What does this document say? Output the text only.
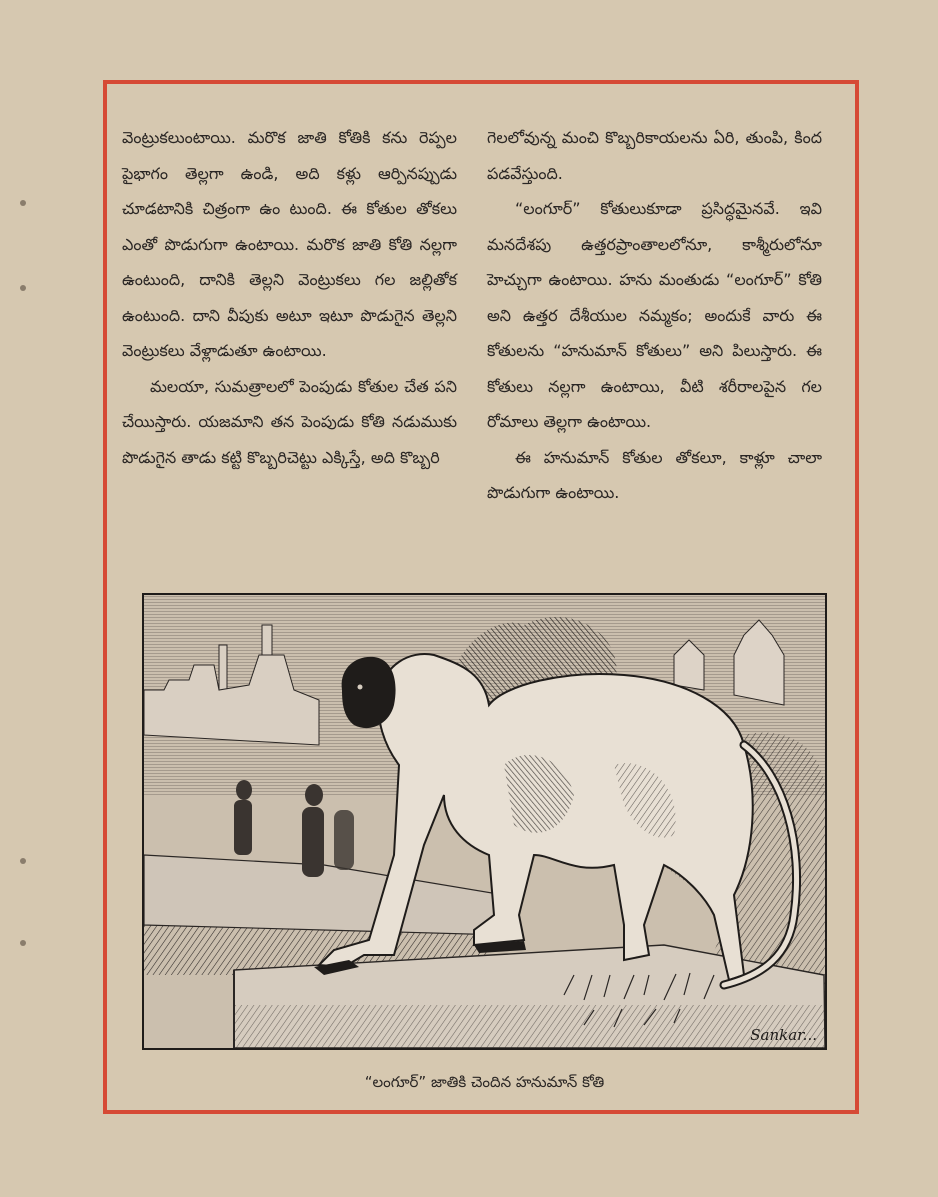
వెంట్రుకలుంటాయి. మరొక జాతి కోతికి కను రెప్పల పైభాగం తెల్లగా ఉండి, అది కళ్లు ఆర్పినప్పుడు చూడటానికి చిత్రంగా ఉం టుంది. ఈ కోతుల తోకలు ఎంతో పొడుగుగా ఉంటాయి. మరొక జాతి కోతి నల్లగా ఉంటుంది, దానికి తెల్లని వెంట్రుకలు గల జల్లితోక ఉంటుంది. దాని వీపుకు అటూ ఇటూ పొడుగైన తెల్లని వెంట్రుకలు వేళ్లాడుతూ ఉంటాయి.

మలయా, సుమత్రాలలో పెంపుడు కోతుల చేత పని చేయిస్తారు. యజమాని తన పెంపుడు కోతి నడుముకు పొడుగైన తాడు కట్టి కొబ్బరిచెట్టు ఎక్కిస్తే, అది కొబ్బరి

గెలలోవున్న మంచి కొబ్బరికాయలను ఏరి, తుంపి, కింద పడవేస్తుంది.

“లంగూర్” కోతులుకూడా ప్రసిద్ధమైనవే. ఇవి మనదేశపు ఉత్తరప్రాంతాలలోనూ, కాశ్మీరులోనూ హెచ్చుగా ఉంటాయి. హను మంతుడు “లంగూర్” కోతి అని ఉత్తర దేశీయుల నమ్మకం; అందుకే వారు ఈ కోతులను “హనుమాన్ కోతులు” అని పిలుస్తారు. ఈ కోతులు నల్లగా ఉంటాయి, వీటి శరీరాలపైన గల రోమాలు తెల్లగా ఉంటాయి.

ఈ హనుమాన్ కోతుల తోకలూ, కాళ్లూ చాలా పొడుగుగా ఉంటాయి.

Sankar...
“లంగూర్” జాతికి చెందిన హనుమాన్ కోతి
